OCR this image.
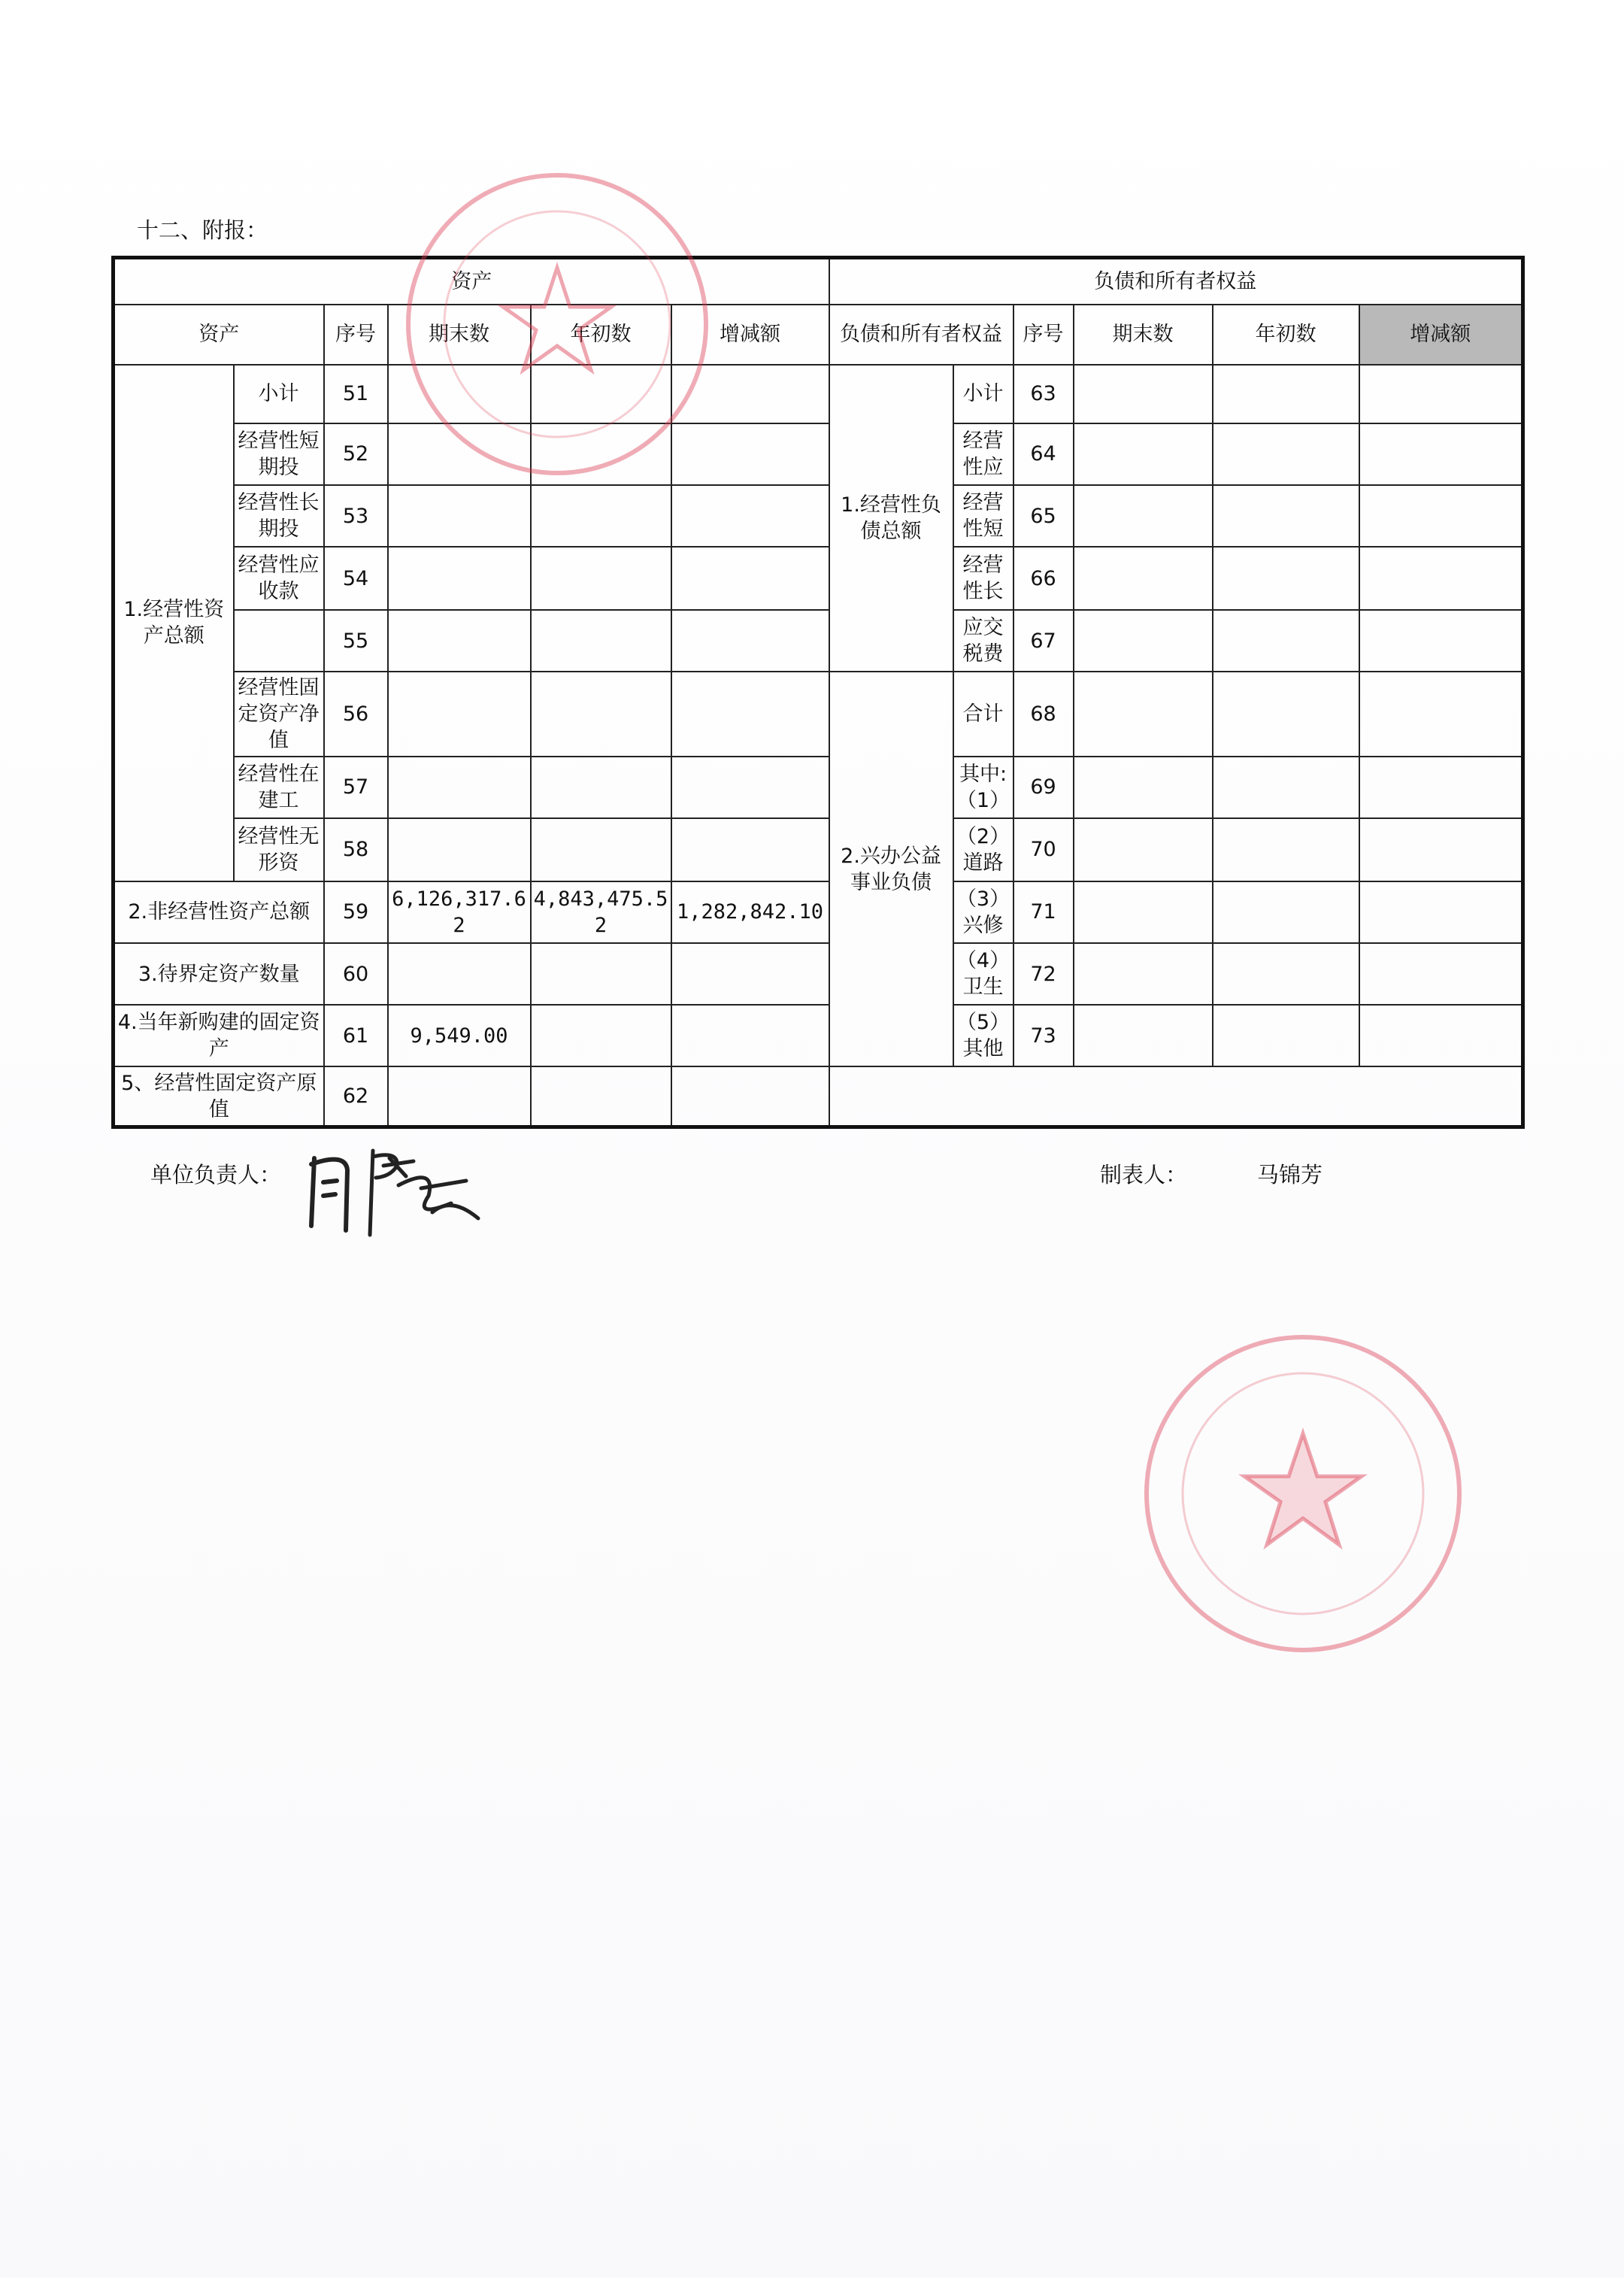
十二、附报：
资产						负债和所有者权益					
资产		序号	期末数	年初数	增减额	负债和所有者权益		序号	期末数	年初数	增减额
1.经营性资产总额	小计	51				1.经营性负债总额	小计	63			
	经营性短期投	52					经营性应	64			
	经营性长期投	53					经营性短	65			
	经营性应收款	54					经营性长	66			
		55					应交税费	67			
	经营性固定资产净值	56				2.兴办公益事业负债	合计	68			
	经营性在建工	57					其中:（1）	69			
	经营性无形资	58					（2）道路	70			
2.非经营性资产总额		59	6,126,317.62	4,843,475.52	1,282,842.10		（3）兴修	71			
3.待界定资产数量		60					（4）卫生	72			
4.当年新购建的固定资产		61	9,549.00				（5）其他	73			
5、经营性固定资产原值		62									
单位负责人：	制表人：	马锦芳
